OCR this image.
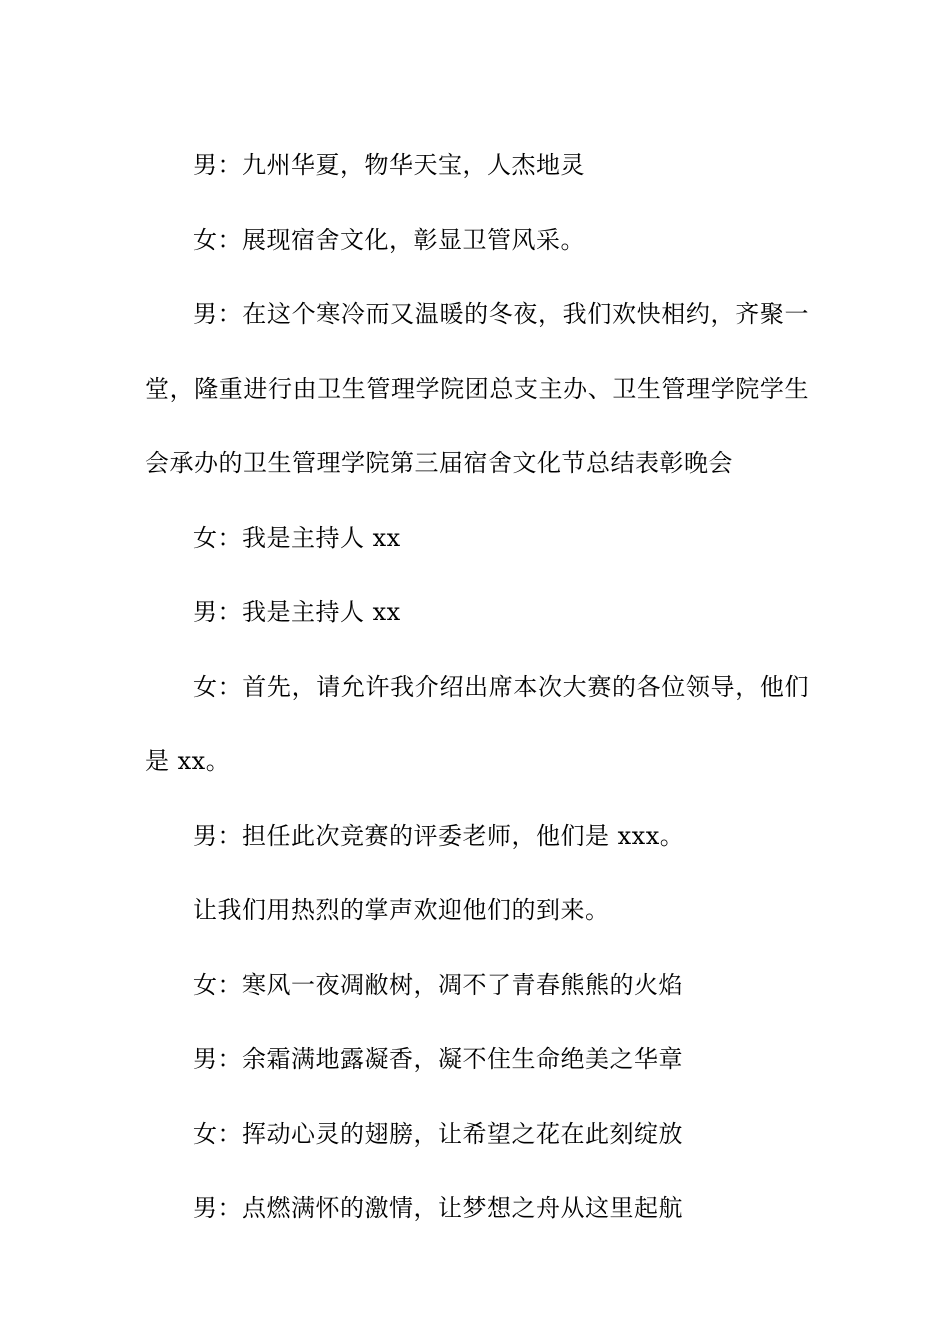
男：九州华夏，物华天宝，人杰地灵

女：展现宿舍文化，彰显卫管风采。

男：在这个寒冷而又温暖的冬夜，我们欢快相约，齐聚一堂，隆重进行由卫生管理学院团总支主办、卫生管理学院学生会承办的卫生管理学院第三届宿舍文化节总结表彰晚会

女：我是主持人 xx

男：我是主持人 xx

女：首先，请允许我介绍出席本次大赛的各位领导，他们是 xx。

男：担任此次竞赛的评委老师，他们是 xxx。

让我们用热烈的掌声欢迎他们的到来。

女：寒风一夜凋敝树，凋不了青春熊熊的火焰

男：余霜满地露凝香，凝不住生命绝美之华章

女：挥动心灵的翅膀，让希望之花在此刻绽放

男：点燃满怀的激情，让梦想之舟从这里起航
